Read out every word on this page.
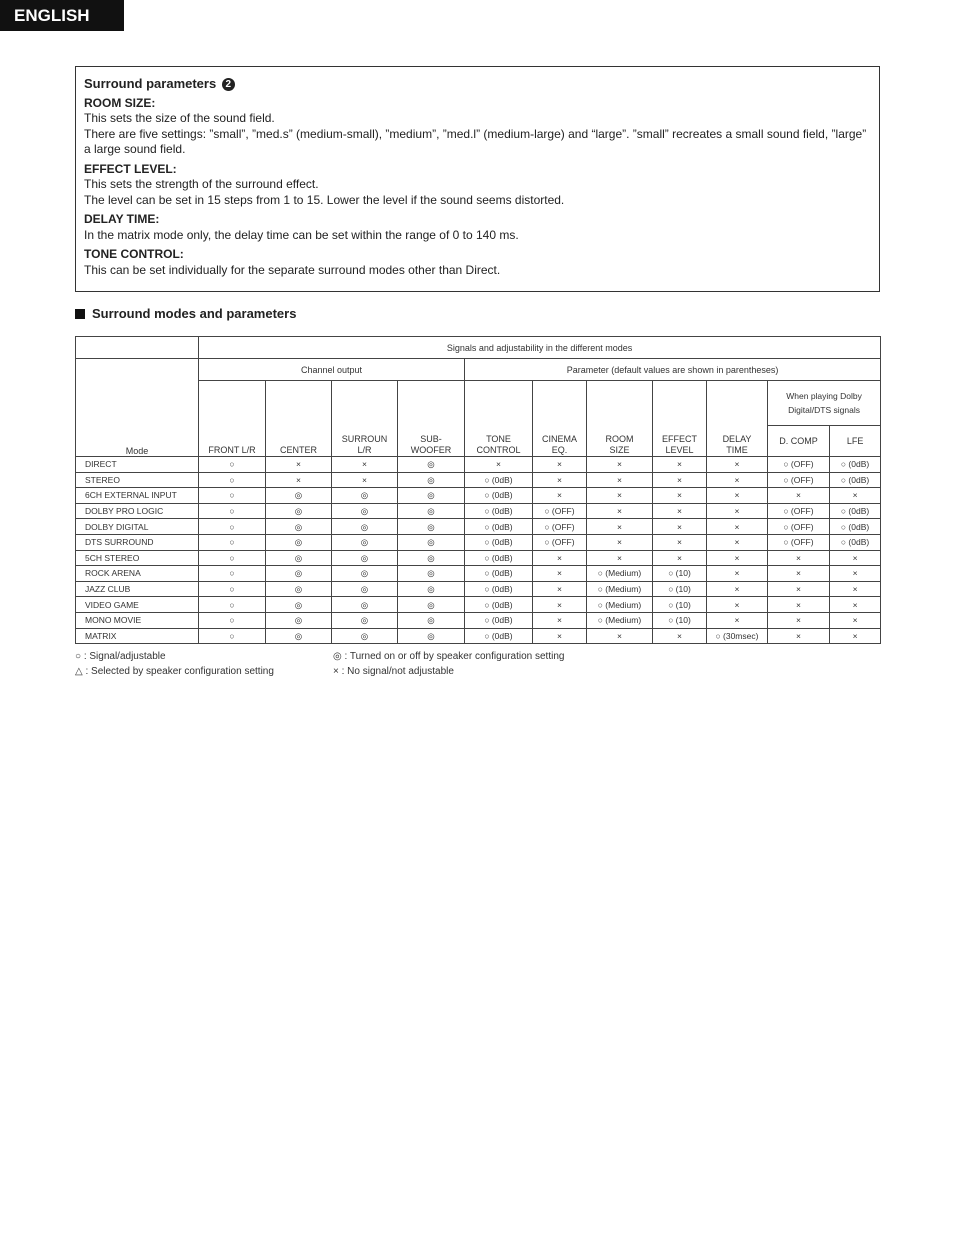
ENGLISH
Surround parameters 2
ROOM SIZE:

This sets the size of the sound field.

There are five settings: ”small”, ”med.s” (medium-small), ”medium”, ”med.l” (medium-large) and “large”. ”small” recreates a small sound field, ”large” a large sound field.

EFFECT LEVEL:

This sets the strength of the surround effect.

The level can be set in 15 steps from 1 to 15. Lower the level if the sound seems distorted.

DELAY TIME:

In the matrix mode only, the delay time can be set within the range of 0 to 140 ms.

TONE CONTROL:

This can be set individually for the separate surround modes other than Direct.

Surround modes and parameters
	Signals and adjustability in the different modes										
Mode	Channel output				Parameter (default values are shown in parentheses)						
	FRONT L/R	CENTER	SURROUN L/R	SUB-WOOFER	TONE CONTROL	CINEMA EQ.	ROOM SIZE	EFFECT LEVEL	DELAY TIME	When playing Dolby Digital/DTS signals	
										D. COMP	LFE
DIRECT	○	×	×	◎	×	×	×	×	×	○ (OFF)	○ (0dB)
STEREO	○	×	×	◎	○ (0dB)	×	×	×	×	○ (OFF)	○ (0dB)
6CH EXTERNAL INPUT	○	◎	◎	◎	○ (0dB)	×	×	×	×	×	×
DOLBY PRO LOGIC	○	◎	◎	◎	○ (0dB)	○ (OFF)	×	×	×	○ (OFF)	○ (0dB)
DOLBY DIGITAL	○	◎	◎	◎	○ (0dB)	○ (OFF)	×	×	×	○ (OFF)	○ (0dB)
DTS SURROUND	○	◎	◎	◎	○ (0dB)	○ (OFF)	×	×	×	○ (OFF)	○ (0dB)
5CH STEREO	○	◎	◎	◎	○ (0dB)	×	×	×	×	×	×
ROCK ARENA	○	◎	◎	◎	○ (0dB)	×	○ (Medium)	○ (10)	×	×	×
JAZZ CLUB	○	◎	◎	◎	○ (0dB)	×	○ (Medium)	○ (10)	×	×	×
VIDEO GAME	○	◎	◎	◎	○ (0dB)	×	○ (Medium)	○ (10)	×	×	×
MONO MOVIE	○	◎	◎	◎	○ (0dB)	×	○ (Medium)	○ (10)	×	×	×
MATRIX	○	◎	◎	◎	○ (0dB)	×	×	×	○ (30msec)	×	×
○ : Signal/adjustable
△ : Selected by speaker configuration setting
◎ : Turned on or off by speaker configuration setting
× : No signal/not adjustable
